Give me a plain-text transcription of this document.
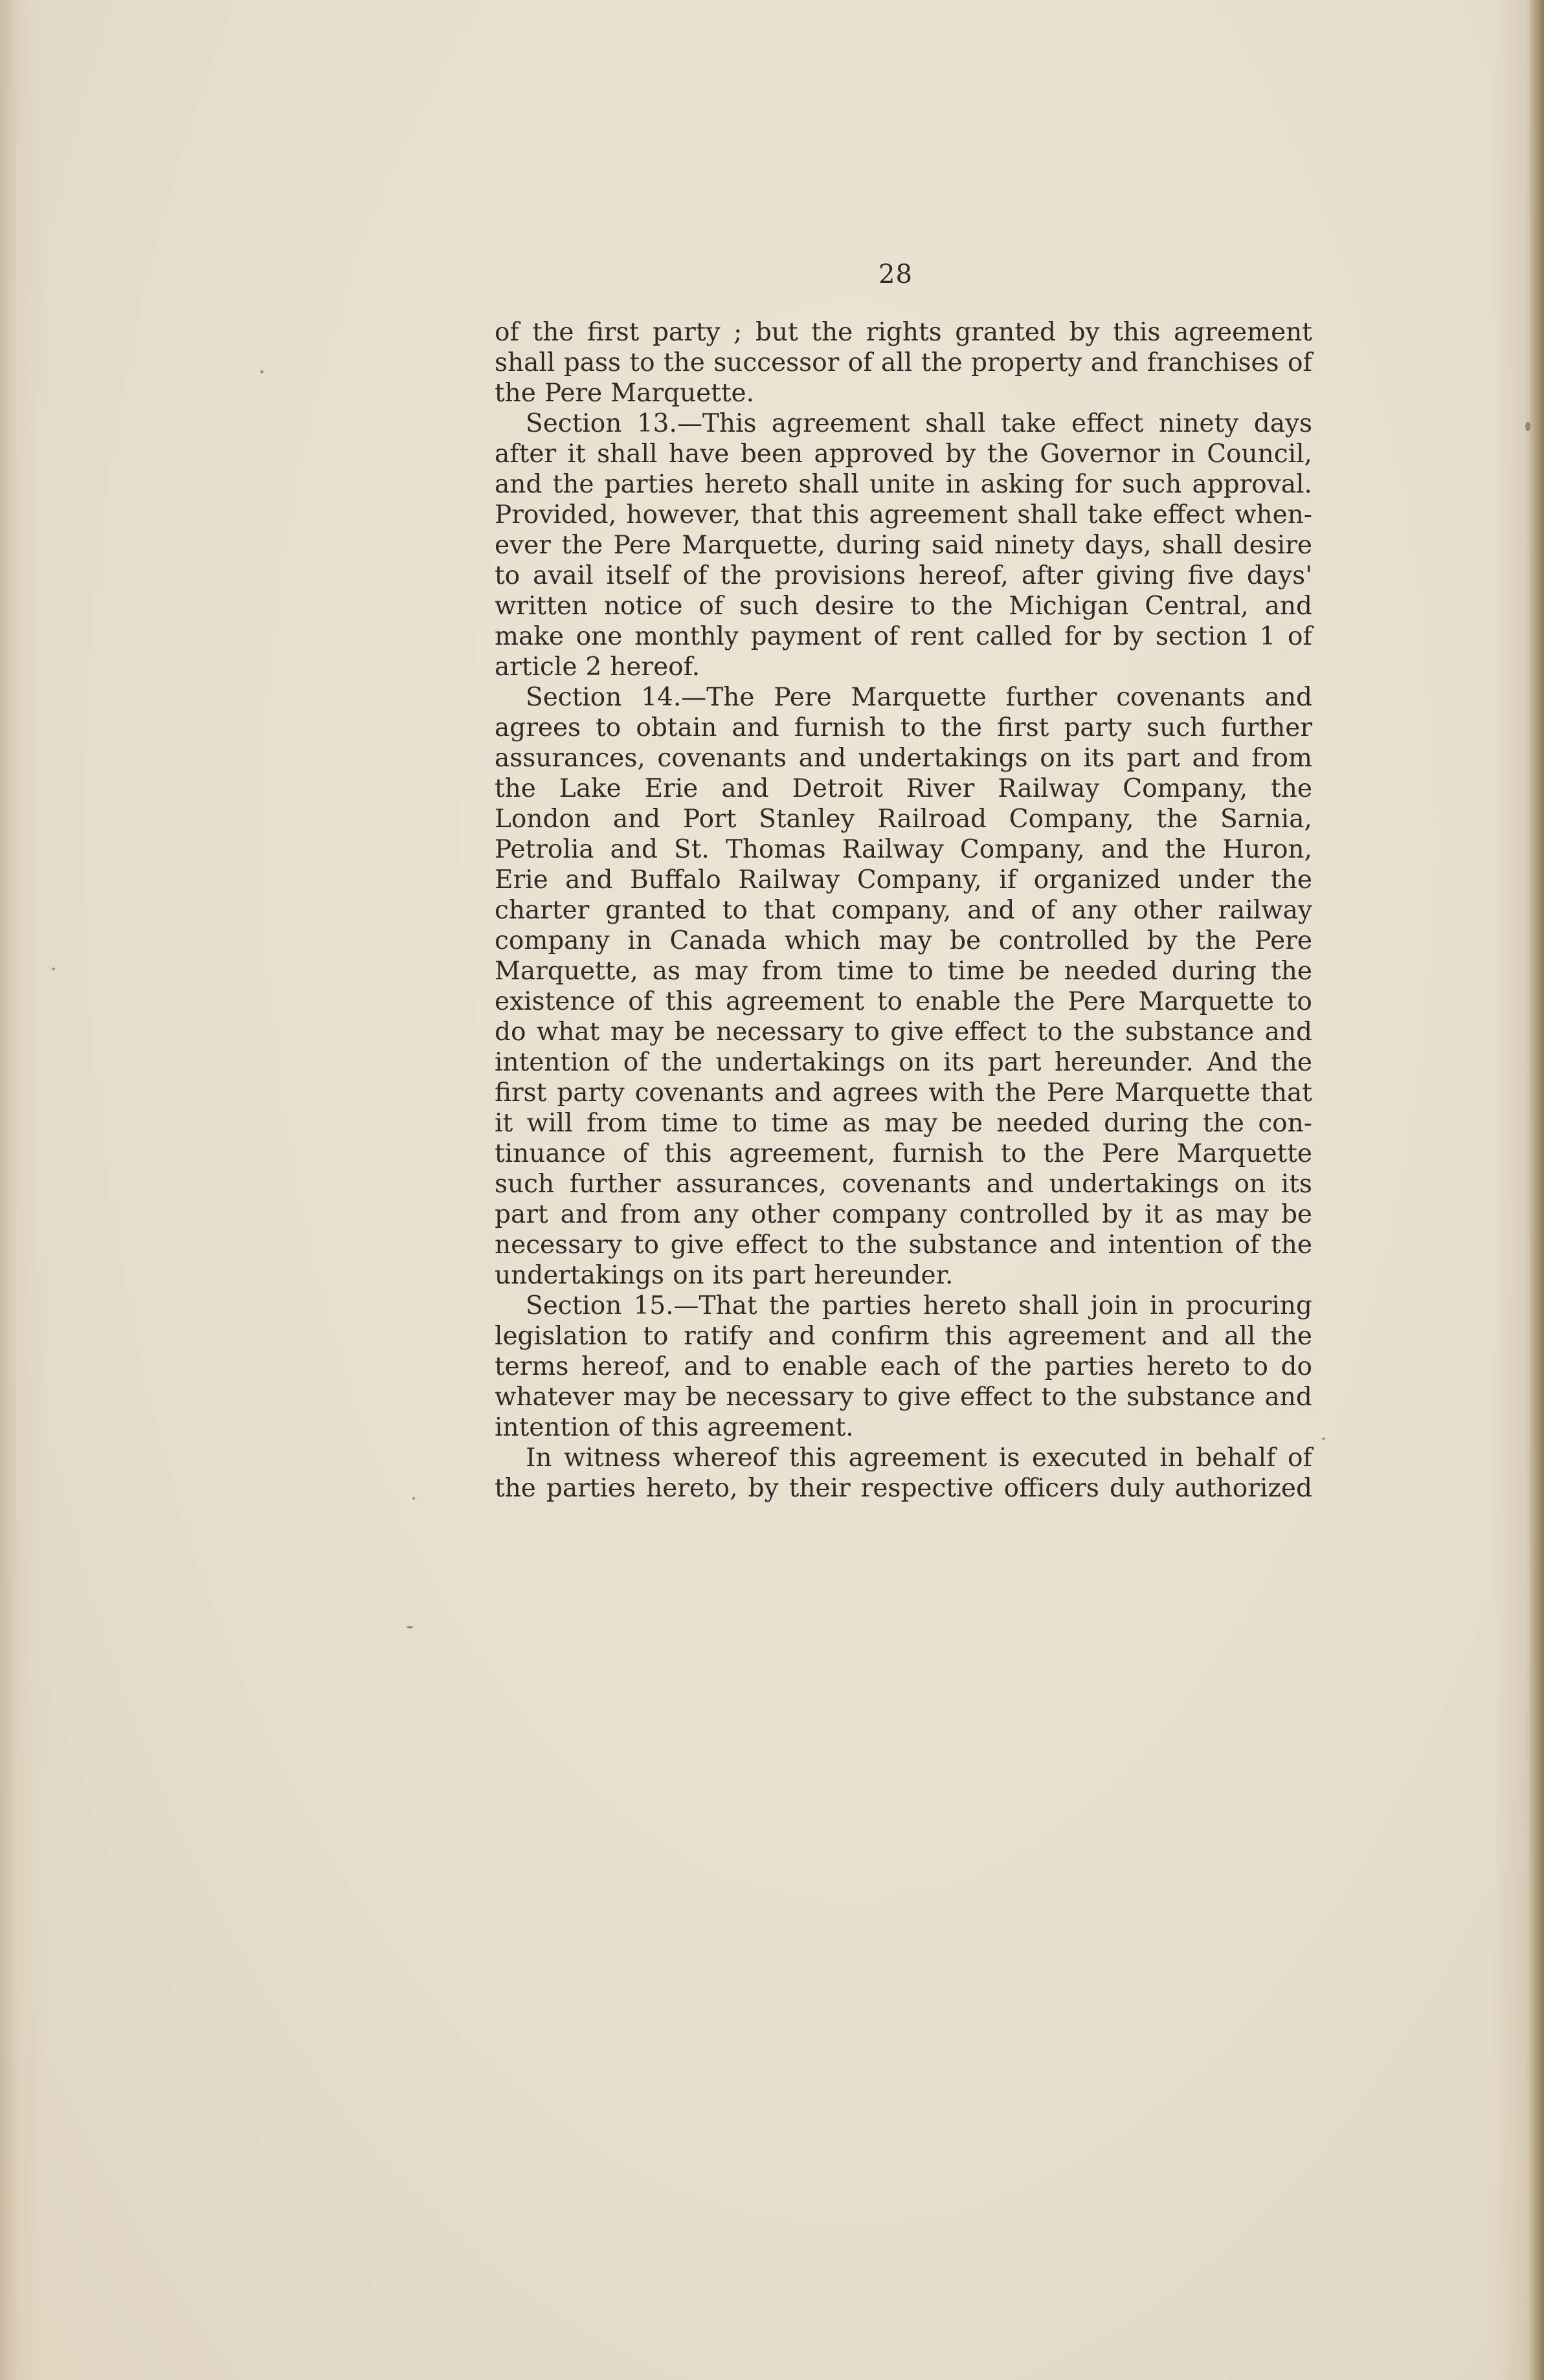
28
of the first party ; but the rights granted by this agreement
shall pass to the successor of all the property and franchises of
the Pere Marquette.
Section 13.—This agreement shall take effect ninety days
after it shall have been approved by the Governor in Council,
and the parties hereto shall unite in asking for such approval.
Provided, however, that this agreement shall take effect when-
ever the Pere Marquette, during said ninety days, shall desire
to avail itself of the provisions hereof, after giving five days'
written notice of such desire to the Michigan Central, and
make one monthly payment of rent called for by section 1 of
article 2 hereof.
Section 14.—The Pere Marquette further covenants and
agrees to obtain and furnish to the first party such further
assurances, covenants and undertakings on its part and from
the Lake Erie and Detroit River Railway Company, the
London and Port Stanley Railroad Company, the Sarnia,
Petrolia and St. Thomas Railway Company, and the Huron,
Erie and Buffalo Railway Company, if organized under the
charter granted to that company, and of any other railway
company in Canada which may be controlled by the Pere
Marquette, as may from time to time be needed during the
existence of this agreement to enable the Pere Marquette to
do what may be necessary to give effect to the substance and
intention of the undertakings on its part hereunder. And the
first party covenants and agrees with the Pere Marquette that
it will from time to time as may be needed during the con-
tinuance of this agreement, furnish to the Pere Marquette
such further assurances, covenants and undertakings on its
part and from any other company controlled by it as may be
necessary to give effect to the substance and intention of the
undertakings on its part hereunder.
Section 15.—That the parties hereto shall join in procuring
legislation to ratify and confirm this agreement and all the
terms hereof, and to enable each of the parties hereto to do
whatever may be necessary to give effect to the substance and
intention of this agreement.
In witness whereof this agreement is executed in behalf of
the parties hereto, by their respective officers duly authorized
